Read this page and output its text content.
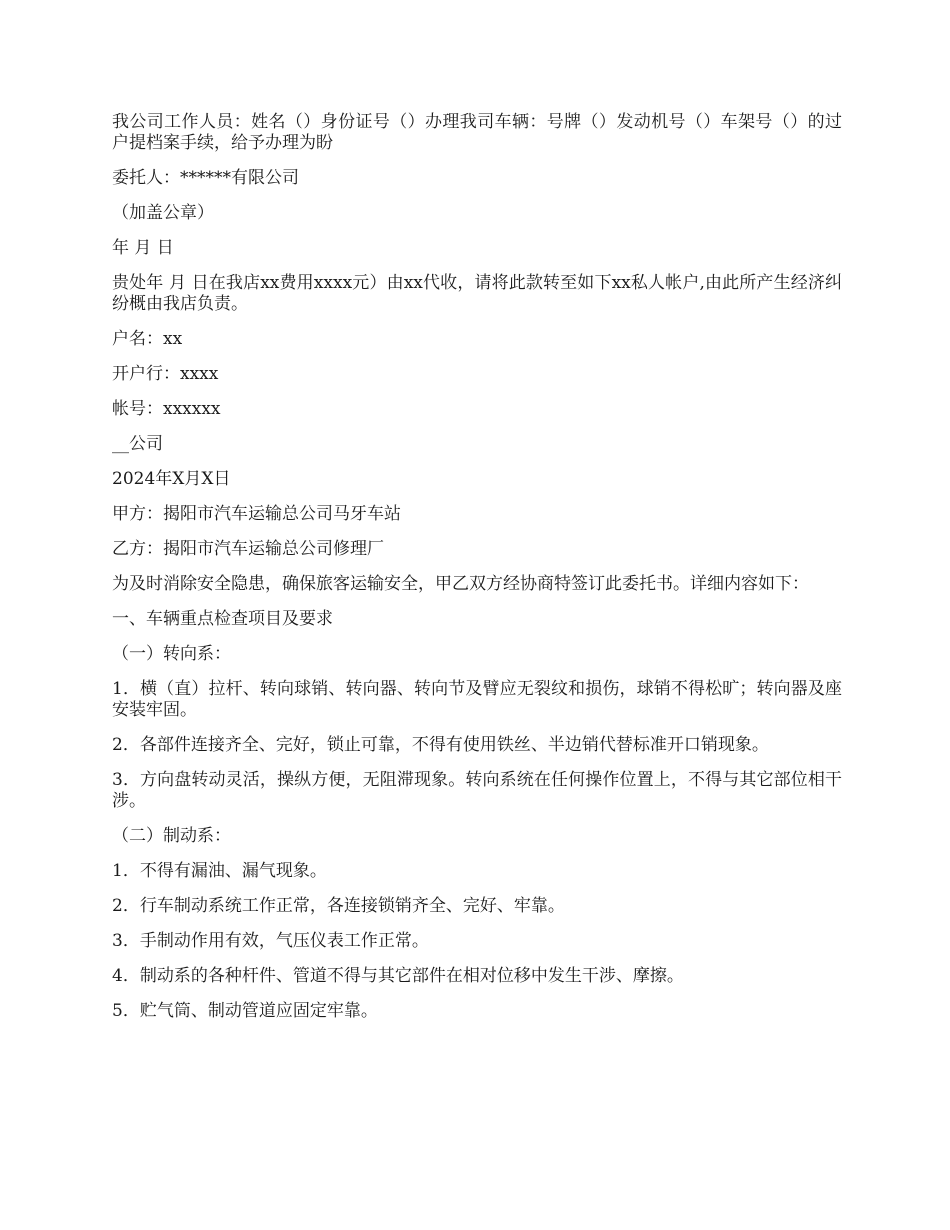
我公司工作人员：姓名（）身份证号（）办理我司车辆：号牌（）发动机号（）车架号（）的过户提档案手续，给予办理为盼

委托人：******有限公司

（加盖公章）

年 月 日

贵处年 月 日在我店xx费用xxxx元）由xx代收，请将此款转至如下xx私人帐户,由此所产生经济纠纷概由我店负责。

户名：xx

开户行：xxxx

帐号：xxxxxx

__公司

2024年X月X日

甲方：揭阳市汽车运输总公司马牙车站

乙方：揭阳市汽车运输总公司修理厂

为及时消除安全隐患，确保旅客运输安全，甲乙双方经协商特签订此委托书。详细内容如下：

一、车辆重点检查项目及要求

（一）转向系：

1．横（直）拉杆、转向球销、转向器、转向节及臂应无裂纹和损伤，球销不得松旷；转向器及座安装牢固。

2．各部件连接齐全、完好，锁止可靠，不得有使用铁丝、半边销代替标准开口销现象。

3．方向盘转动灵活，操纵方便，无阻滞现象。转向系统在任何操作位置上，不得与其它部位相干涉。

（二）制动系：

1．不得有漏油、漏气现象。

2．行车制动系统工作正常，各连接锁销齐全、完好、牢靠。

3．手制动作用有效，气压仪表工作正常。

4．制动系的各种杆件、管道不得与其它部件在相对位移中发生干涉、摩擦。

5．贮气筒、制动管道应固定牢靠。
